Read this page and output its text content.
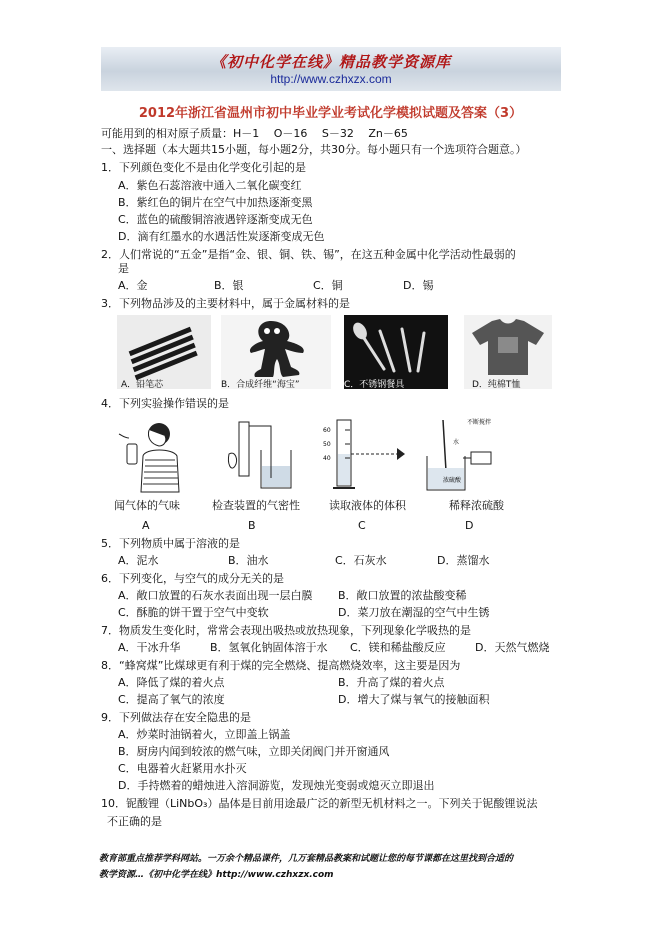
《初中化学在线》精品教学资源库
http://www.czhxzx.com
2012年浙江省温州市初中毕业学业考试化学模拟试题及答案（3）
可能用到的相对原子质量：H－1　 O－16　 S－32　 Zn－65
一、选择题（本大题共15小题，每小题2分，共30分。每小题只有一个选项符合题意。）
1．下列颜色变化不是由化学变化引起的是
A．紫色石蕊溶液中通入二氧化碳变红
B．紫红色的铜片在空气中加热逐渐变黑
C．蓝色的硫酸铜溶液遇锌逐渐变成无色
D．滴有红墨水的水遇活性炭逐渐变成无色
2．人们常说的“五金”是指“金、银、铜、铁、锡”，在这五种金属中化学活动性最弱的
是
A．金	B．银	C．铜	D．锡
3．下列物品涉及的主要材料中，属于金属材料的是
A．铅笔芯	B．合成纤维“海宝”	C．不锈钢餐具	D．纯棉T恤
4．下列实验操作错误的是
60
50
40
不断搅拌
水
浓硫酸
闻气体的气味	检查装置的气密性	读取液体的体积	稀释浓硫酸
A	B	C	D
5．下列物质中属于溶液的是
A．泥水	B．油水	C．石灰水	D．蒸馏水
6．下列变化，与空气的成分无关的是
A．敞口放置的石灰水表面出现一层白膜	B．敞口放置的浓盐酸变稀
C．酥脆的饼干置于空气中变软	D．菜刀放在潮湿的空气中生锈
7．物质发生变化时，常常会表现出吸热或放热现象，下列现象化学吸热的是
A．干冰升华	B．氢氧化钠固体溶于水	C．镁和稀盐酸反应	D．天然气燃烧
8．“蜂窝煤”比煤球更有利于煤的完全燃烧、提高燃烧效率，这主要是因为
A．降低了煤的着火点	B．升高了煤的着火点
C．提高了氧气的浓度	D．增大了煤与氧气的接触面积
9．下列做法存在安全隐患的是
A．炒菜时油锅着火，立即盖上锅盖
B．厨房内闻到较浓的燃气味，立即关闭阀门并开窗通风
C．电器着火赶紧用水扑灭
D．手持燃着的蜡烛进入溶洞游览，发现烛光变弱或熄灭立即退出
10．铌酸锂（LiNbO₃）晶体是目前用途最广泛的新型无机材料之一。下列关于铌酸锂说法
不正确的是
教育部重点推荐学科网站。一万余个精品课件，几万套精品教案和试题让您的每节课都在这里找到合适的
教学资源…《初中化学在线》http://www.czhxzx.com
